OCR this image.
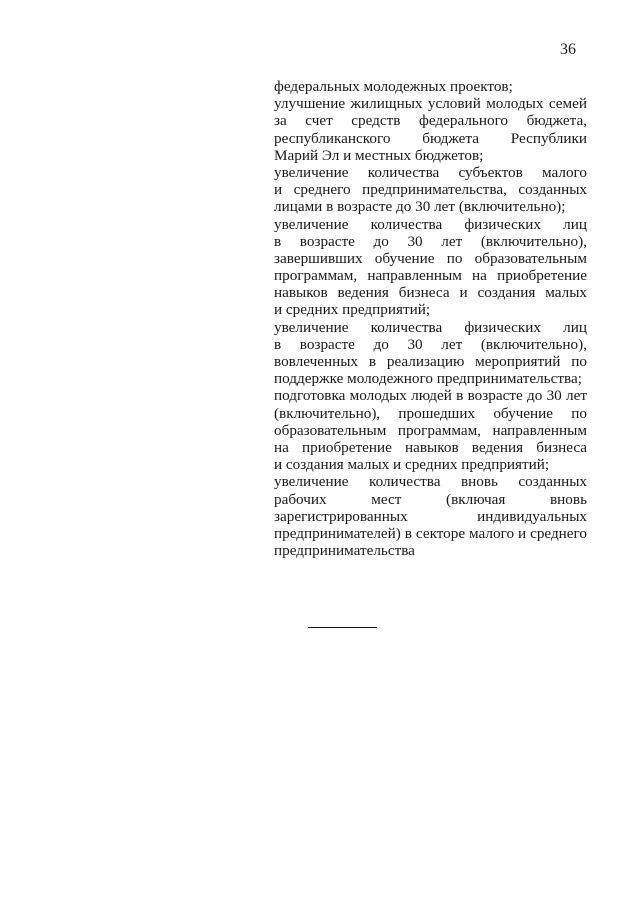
36
федеральных молодежных проектов;
улучшение жилищных условий молодых семей
за счет средств федерального бюджета,
республиканского бюджета Республики
Марий Эл и местных бюджетов;
увеличение количества субъектов малого
и среднего предпринимательства, созданных
лицами в возрасте до 30 лет (включительно);
увеличение количества физических лиц
в возрасте до 30 лет (включительно),
завершивших обучение по образовательным
программам, направленным на приобретение
навыков ведения бизнеса и создания малых
и средних предприятий;
увеличение количества физических лиц
в возрасте до 30 лет (включительно),
вовлеченных в реализацию мероприятий по
поддержке молодежного предпринимательства;
подготовка молодых людей в возрасте до 30 лет
(включительно), прошедших обучение по
образовательным программам, направленным
на приобретение навыков ведения бизнеса
и создания малых и средних предприятий;
увеличение количества вновь созданных
рабочих мест (включая вновь
зарегистрированных индивидуальных
предпринимателей) в секторе малого и среднего
предпринимательства
